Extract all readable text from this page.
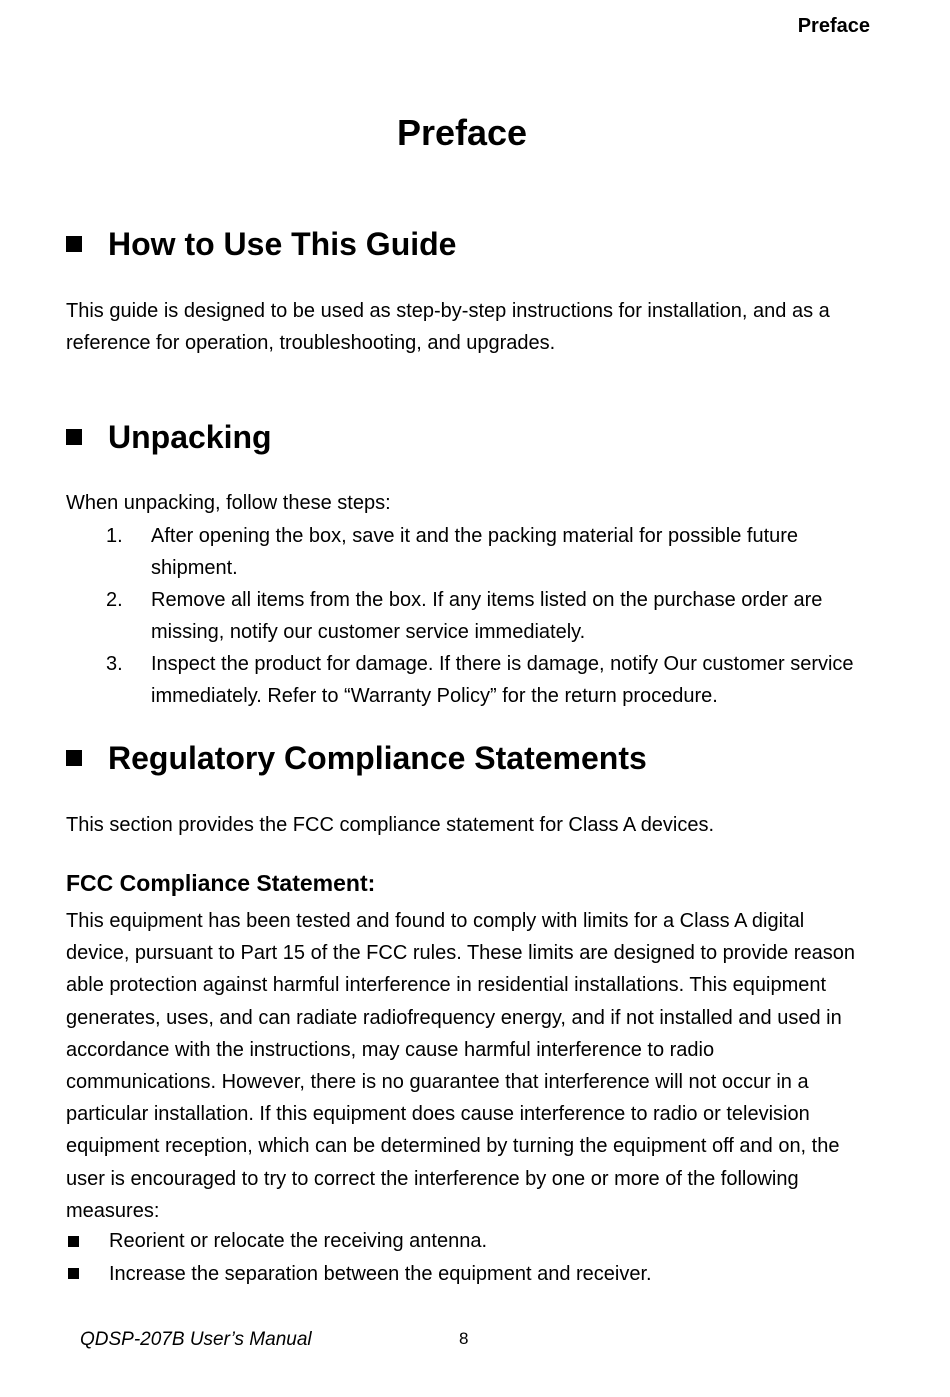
Preface
Preface
How to Use This Guide

This guide is designed to be used as step-by-step instructions for installation, and as a reference for operation, troubleshooting, and upgrades.

Unpacking

When unpacking, follow these steps:

1. After opening the box, save it and the packing material for possible future shipment.
2. Remove all items from the box. If any items listed on the purchase order are missing, notify our customer service immediately.
3. Inspect the product for damage. If there is damage, notify Our customer service immediately. Refer to “Warranty Policy” for the return procedure.
Regulatory Compliance Statements

This section provides the FCC compliance statement for Class A devices.

FCC Compliance Statement:

This equipment has been tested and found to comply with limits for a Class A digital device, pursuant to Part 15 of the FCC rules. These limits are designed to provide reason able protection against harmful interference in residential installations. This equipment generates, uses, and can radiate radiofrequency energy, and if not installed and used in accordance with the instructions, may cause harmful interference to radio communications. However, there is no guarantee that interference will not occur in a particular installation. If this equipment does cause interference to radio or television equipment reception, which can be determined by turning the equipment off and on, the user is encouraged to try to correct the interference by one or more of the following measures:

Reorient or relocate the receiving antenna.
Increase the separation between the equipment and receiver.
QDSP-207B User’s Manual	8
